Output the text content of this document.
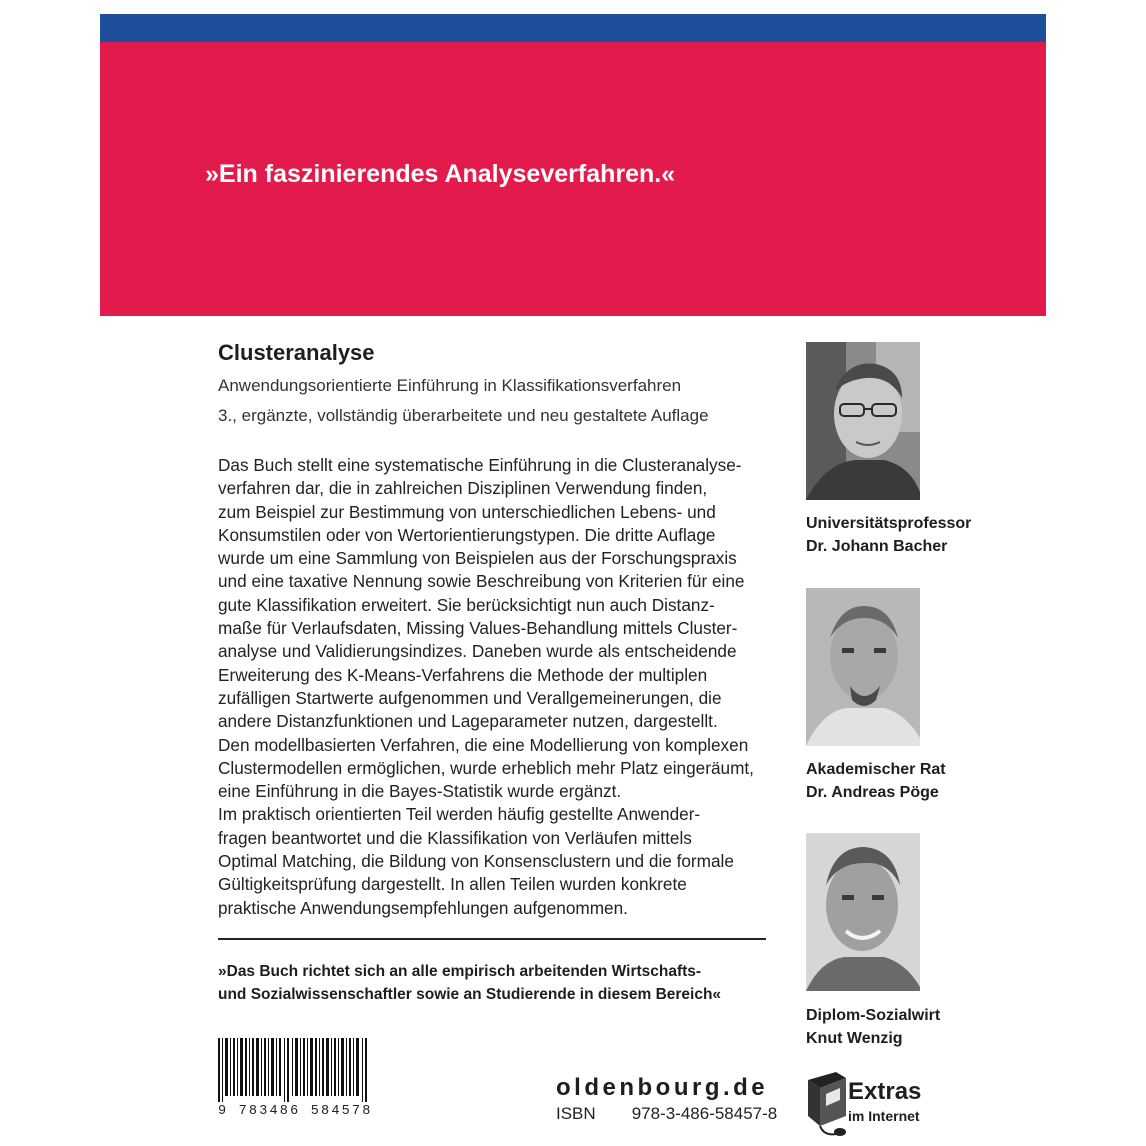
»Ein faszinierendes Analyseverfahren.«
Clusteranalyse
Anwendungsorientierte Einführung in Klassifikationsverfahren
3., ergänzte, vollständig überarbeitete und neu gestaltete Auflage
Das Buch stellt eine systematische Einführung in die Clusteranalyse-
verfahren dar, die in zahlreichen Disziplinen Verwendung finden,
zum Beispiel zur Bestimmung von unterschiedlichen Lebens- und
Konsumstilen oder von Wertorientierungstypen. Die dritte Auflage
wurde um eine Sammlung von Beispielen aus der Forschungspraxis
und eine taxative Nennung sowie Beschreibung von Kriterien für eine
gute Klassifikation erweitert. Sie berücksichtigt nun auch Distanz-
maße für Verlaufsdaten, Missing Values-Behandlung mittels Cluster-
analyse und Validierungsindizes. Daneben wurde als entscheidende
Erweiterung des K-Means-Verfahrens die Methode der multiplen
zufälligen Startwerte aufgenommen und Verallgemeinerungen, die
andere Distanzfunktionen und Lageparameter nutzen, dargestellt.
Den modellbasierten Verfahren, die eine Modellierung von komplexen
Clustermodellen ermöglichen, wurde erheblich mehr Platz eingeräumt,
eine Einführung in die Bayes-Statistik wurde ergänzt.
Im praktisch orientierten Teil werden häufig gestellte Anwender-
fragen beantwortet und die Klassifikation von Verläufen mittels
Optimal Matching, die Bildung von Konsensclustern und die formale
Gültigkeitsprüfung dargestellt. In allen Teilen wurden konkrete
praktische Anwendungsempfehlungen aufgenommen.
»Das Buch richtet sich an alle empirisch arbeitenden Wirtschafts-
und Sozialwissenschaftler sowie an Studierende in diesem Bereich«
Universitätsprofessor
Dr. Johann Bacher
Akademischer Rat
Dr. Andreas Pöge
Diplom-Sozialwirt
Knut Wenzig
9 783486 584578
oldenbourg.de
ISBN 978-3-486-58457-8
Extras
im Internet
